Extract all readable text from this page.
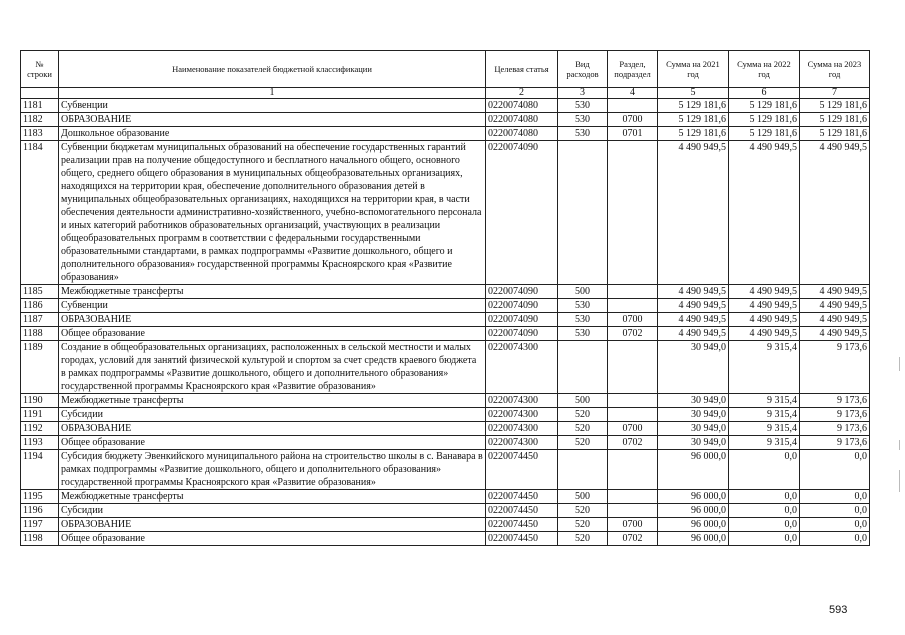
№ строки	Наименование показателей бюджетной классификации	Целевая статья	Вид расходов	Раздел, подраздел	Сумма на 2021 год	Сумма на 2022 год	Сумма на 2023 год
	1	2	3	4	5	6	7
1181	Субвенции	0220074080	530		5 129 181,6	5 129 181,6	5 129 181,6
1182	ОБРАЗОВАНИЕ	0220074080	530	0700	5 129 181,6	5 129 181,6	5 129 181,6
1183	Дошкольное образование	0220074080	530	0701	5 129 181,6	5 129 181,6	5 129 181,6
1184	Субвенции бюджетам муниципальных образований на обеспечение государственных гарантий реализации прав на получение общедоступного и бесплатного начального общего, основного общего, среднего общего образования в муниципальных общеобразовательных организациях, находящихся на территории края, обеспечение дополнительного образования детей в муниципальных общеобразовательных организациях, находящихся на территории края, в части обеспечения деятельности административно-хозяйственного, учебно-вспомогательного персонала и иных категорий работников образовательных организаций, участвующих в реализации общеобразовательных программ в соответствии с федеральными государственными образовательными стандартами, в рамках подпрограммы «Развитие дошкольного, общего и дополнительного образования» государственной программы Красноярского края «Развитие образования»	0220074090			4 490 949,5	4 490 949,5	4 490 949,5
1185	Межбюджетные трансферты	0220074090	500		4 490 949,5	4 490 949,5	4 490 949,5
1186	Субвенции	0220074090	530		4 490 949,5	4 490 949,5	4 490 949,5
1187	ОБРАЗОВАНИЕ	0220074090	530	0700	4 490 949,5	4 490 949,5	4 490 949,5
1188	Общее образование	0220074090	530	0702	4 490 949,5	4 490 949,5	4 490 949,5
1189	Создание в общеобразовательных организациях, расположенных в сельской местности и малых городах, условий для занятий физической культурой и спортом за счет средств краевого бюджета в рамках подпрограммы «Развитие дошкольного, общего и дополнительного образования» государственной программы Красноярского края «Развитие образования»	0220074300			30 949,0	9 315,4	9 173,6
1190	Межбюджетные трансферты	0220074300	500		30 949,0	9 315,4	9 173,6
1191	Субсидии	0220074300	520		30 949,0	9 315,4	9 173,6
1192	ОБРАЗОВАНИЕ	0220074300	520	0700	30 949,0	9 315,4	9 173,6
1193	Общее образование	0220074300	520	0702	30 949,0	9 315,4	9 173,6
1194	Субсидия бюджету Эвенкийского муниципального района на строительство школы в с. Ванавара в рамках подпрограммы «Развитие дошкольного, общего и дополнительного образования» государственной программы Красноярского края «Развитие образования»	0220074450			96 000,0	0,0	0,0
1195	Межбюджетные трансферты	0220074450	500		96 000,0	0,0	0,0
1196	Субсидии	0220074450	520		96 000,0	0,0	0,0
1197	ОБРАЗОВАНИЕ	0220074450	520	0700	96 000,0	0,0	0,0
1198	Общее образование	0220074450	520	0702	96 000,0	0,0	0,0
593
